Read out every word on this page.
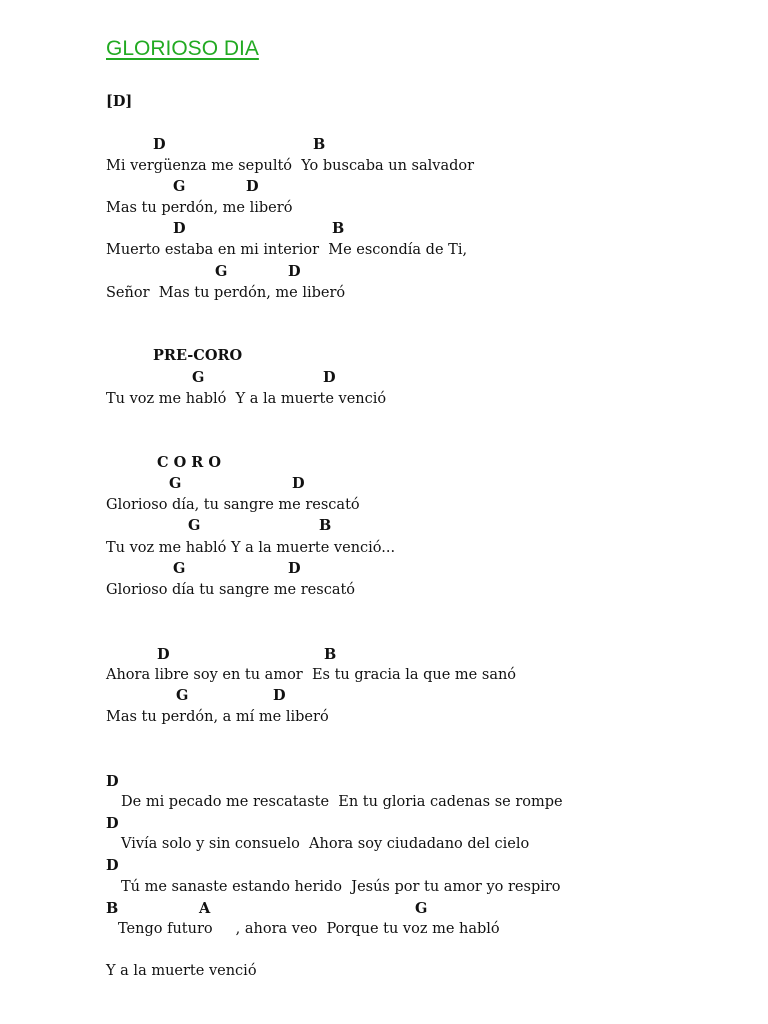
GLORIOSO DIA
[D]
D	B
Mi vergüenza me sepultó  Yo buscaba un salvador
G	D
Mas tu perdón, me liberó
D	B
Muerto estaba en mi interior  Me escondía de Ti,
G	D
Señor  Mas tu perdón, me liberó
PRE-CORO
G	D
Tu voz me habló  Y a la muerte venció
C O R O
G	D
Glorioso día, tu sangre me rescató
G	B
Tu voz me habló Y a la muerte venció...
G	D
Glorioso día tu sangre me rescató
D	B
Ahora libre soy en tu amor  Es tu gracia la que me sanó
G	D
Mas tu perdón, a mí me liberó
D
De mi pecado me rescataste  En tu gloria cadenas se rompe
D
Vivía solo y sin consuelo  Ahora soy ciudadano del cielo
D
Tú me sanaste estando herido  Jesús por tu amor yo respiro
B	A	G
Tengo futuro     , ahora veo  Porque tu voz me habló
Y a la muerte venció
